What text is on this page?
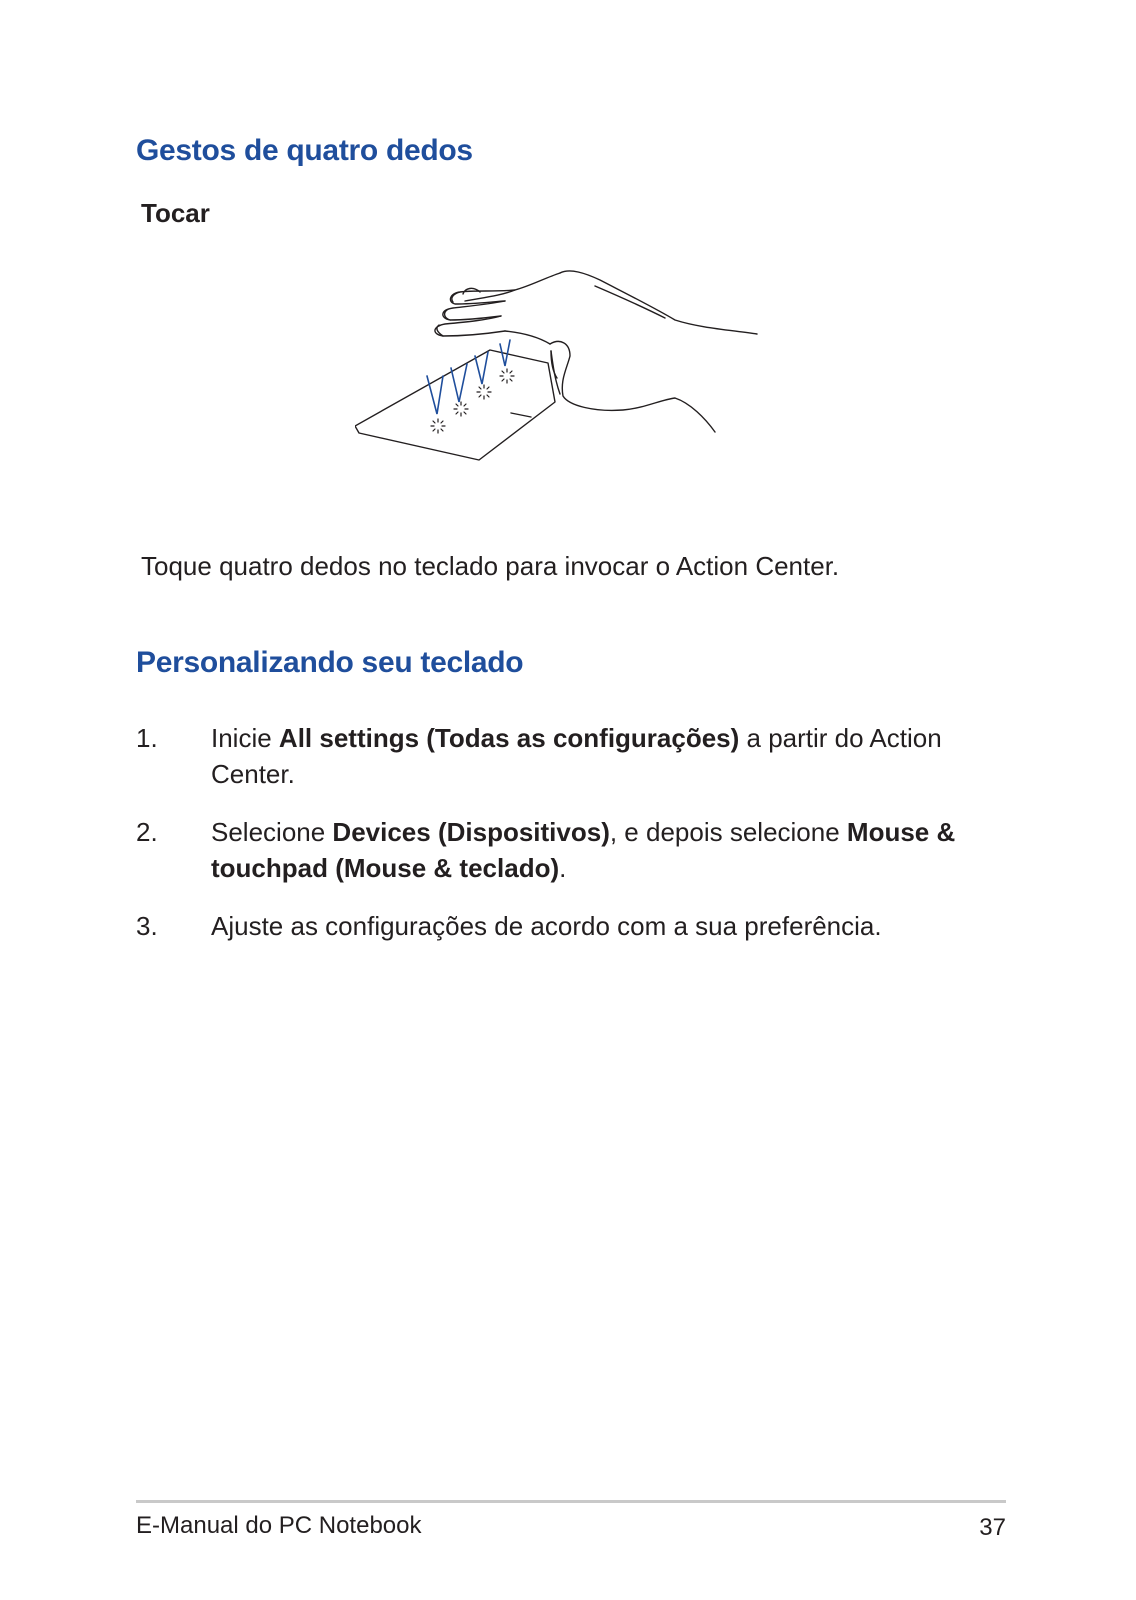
Gestos de quatro dedos
Tocar

Toque quatro dedos no teclado para invocar o Action Center.

Personalizando seu teclado
1. Inicie All settings (Todas as configurações) a partir do Action Center.
2. Selecione Devices (Dispositivos), e depois selecione Mouse & touchpad (Mouse & teclado).
3. Ajuste as configurações de acordo com a sua preferência.
E-Manual do PC Notebook	37
